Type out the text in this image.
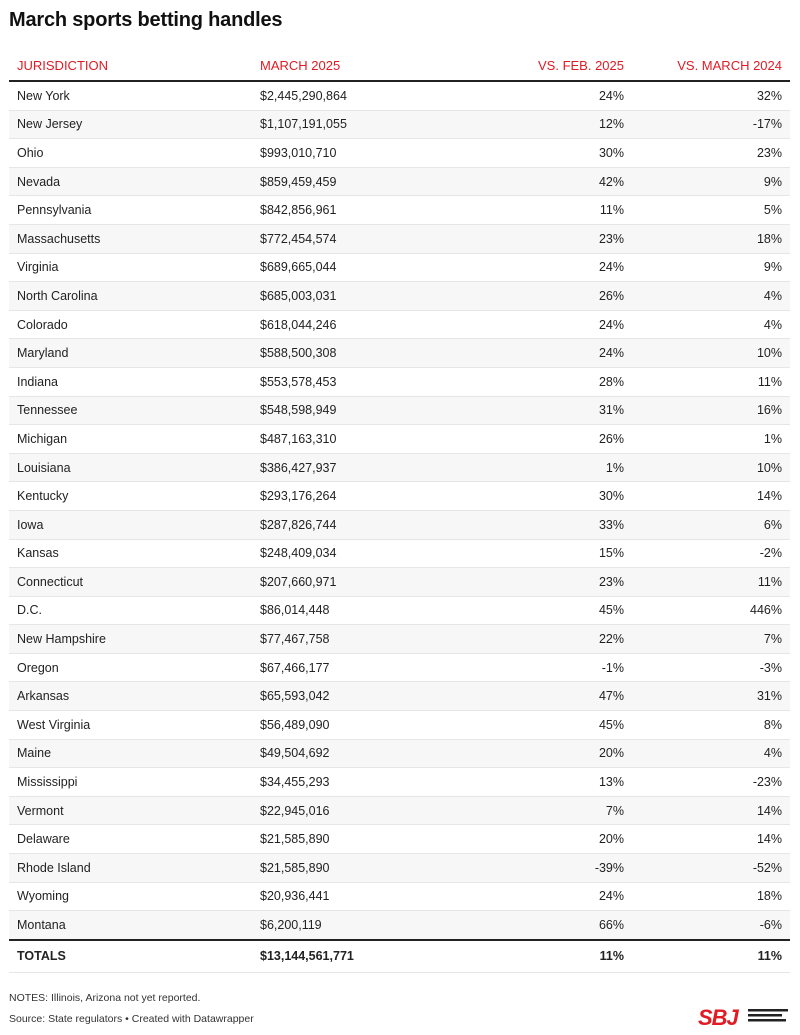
March sports betting handles
JURISDICTION	MARCH 2025	VS. FEB. 2025	VS. MARCH 2024
New York	$2,445,290,864	24%	32%
New Jersey	$1,107,191,055	12%	-17%
Ohio	$993,010,710	30%	23%
Nevada	$859,459,459	42%	9%
Pennsylvania	$842,856,961	11%	5%
Massachusetts	$772,454,574	23%	18%
Virginia	$689,665,044	24%	9%
North Carolina	$685,003,031	26%	4%
Colorado	$618,044,246	24%	4%
Maryland	$588,500,308	24%	10%
Indiana	$553,578,453	28%	11%
Tennessee	$548,598,949	31%	16%
Michigan	$487,163,310	26%	1%
Louisiana	$386,427,937	1%	10%
Kentucky	$293,176,264	30%	14%
Iowa	$287,826,744	33%	6%
Kansas	$248,409,034	15%	-2%
Connecticut	$207,660,971	23%	11%
D.C.	$86,014,448	45%	446%
New Hampshire	$77,467,758	22%	7%
Oregon	$67,466,177	-1%	-3%
Arkansas	$65,593,042	47%	31%
West Virginia	$56,489,090	45%	8%
Maine	$49,504,692	20%	4%
Mississippi	$34,455,293	13%	-23%
Vermont	$22,945,016	7%	14%
Delaware	$21,585,890	20%	14%
Rhode Island	$21,585,890	-39%	-52%
Wyoming	$20,936,441	24%	18%
Montana	$6,200,119	66%	-6%
TOTALS	$13,144,561,771	11%	11%
NOTES: Illinois, Arizona not yet reported.
Source: State regulators • Created with Datawrapper	SBJ
